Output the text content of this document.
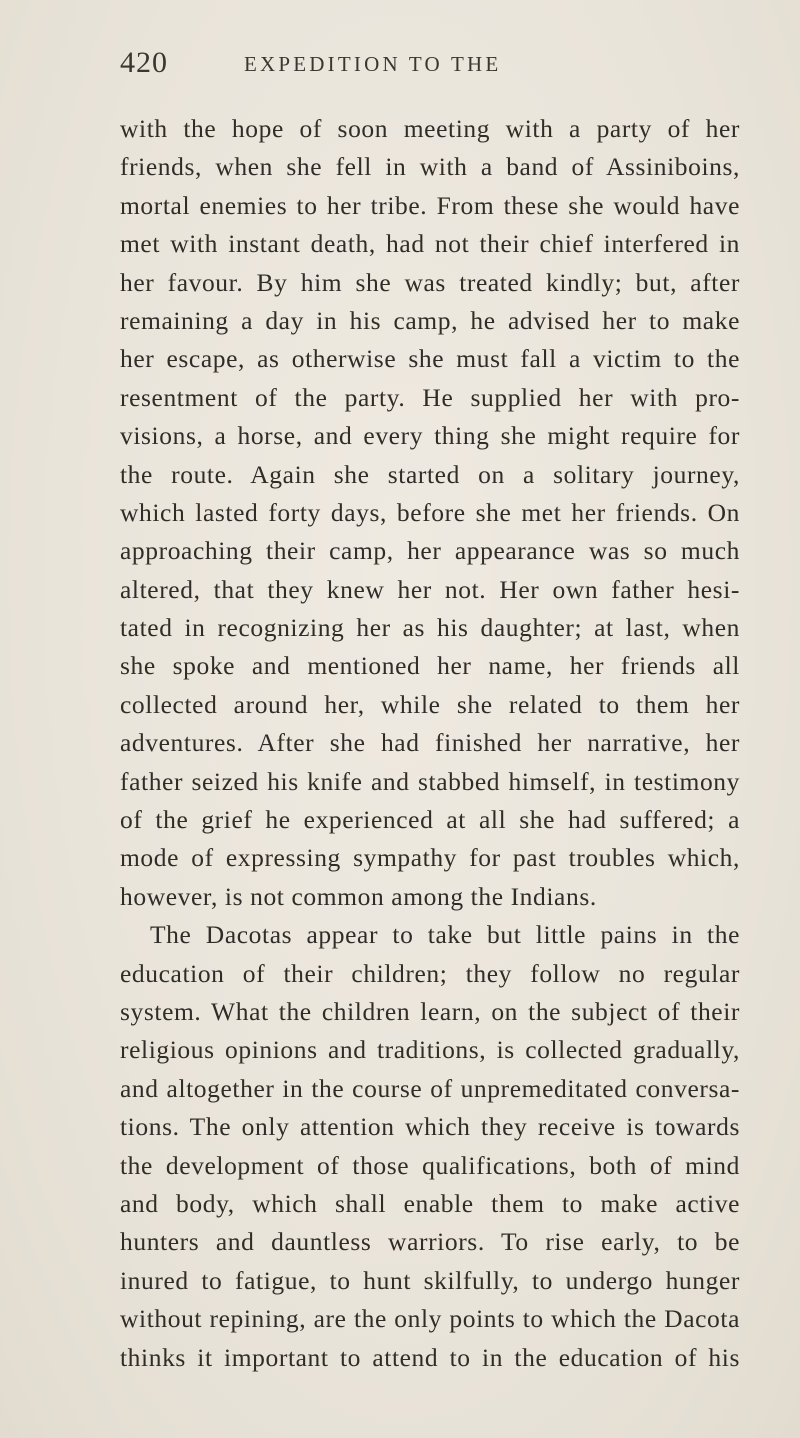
420	EXPEDITION TO THE
with the hope of soon meeting with a party of her
friends, when she fell in with a band of Assiniboins,
mortal enemies to her tribe. From these she would have
met with instant death, had not their chief interfered in
her favour. By him she was treated kindly; but, after
remaining a day in his camp, he advised her to make
her escape, as otherwise she must fall a victim to the
resentment of the party. He supplied her with pro-
visions, a horse, and every thing she might require for
the route. Again she started on a solitary journey,
which lasted forty days, before she met her friends. On
approaching their camp, her appearance was so much
altered, that they knew her not. Her own father hesi-
tated in recognizing her as his daughter; at last, when
she spoke and mentioned her name, her friends all
collected around her, while she related to them her
adventures. After she had finished her narrative, her
father seized his knife and stabbed himself, in testimony
of the grief he experienced at all she had suffered; a
mode of expressing sympathy for past troubles which,
however, is not common among the Indians.
The Dacotas appear to take but little pains in the
education of their children; they follow no regular
system. What the children learn, on the subject of their
religious opinions and traditions, is collected gradually,
and altogether in the course of unpremeditated conversa-
tions. The only attention which they receive is towards
the development of those qualifications, both of mind
and body, which shall enable them to make active
hunters and dauntless warriors. To rise early, to be
inured to fatigue, to hunt skilfully, to undergo hunger
without repining, are the only points to which the Dacota
thinks it important to attend to in the education of his
